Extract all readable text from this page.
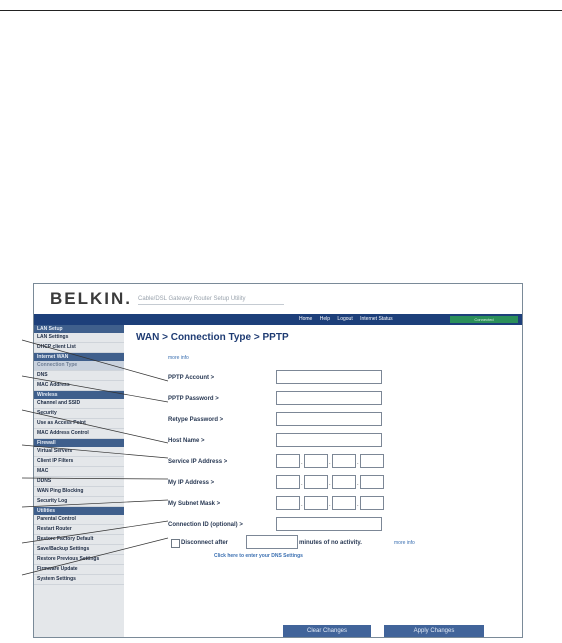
BELKIN. Cable/DSL Gateway Router Setup Utility
Home Help Logout Internet Status	Connected
LAN Setup
LAN Settings
DHCP client List
Internet WAN
Connection Type
DNS
MAC Address
Wireless
Channel and SSID
Security
Use as Access Point
MAC Address Control
Firewall
Virtual Servers
Client IP Filters
MAC
DDNS
WAN Ping Blocking
Security Log
Utilities
Parental Control
Restart Router
Restore Factory Default
Save/Backup Settings
Restore Previous Settings
Firmware Update
System Settings
WAN > Connection Type > PPTP
more info
PPTP Account >
PPTP Password >
Retype Password >
Host Name >
Service IP Address >	.	.	.
My IP Address >	.	.	.
My Subnet Mask >	.	.	.
Connection ID (optional) >
Disconnect after	minutes of no activity.	more info
Click here to enter your DNS Settings
Clear Changes	Apply Changes
